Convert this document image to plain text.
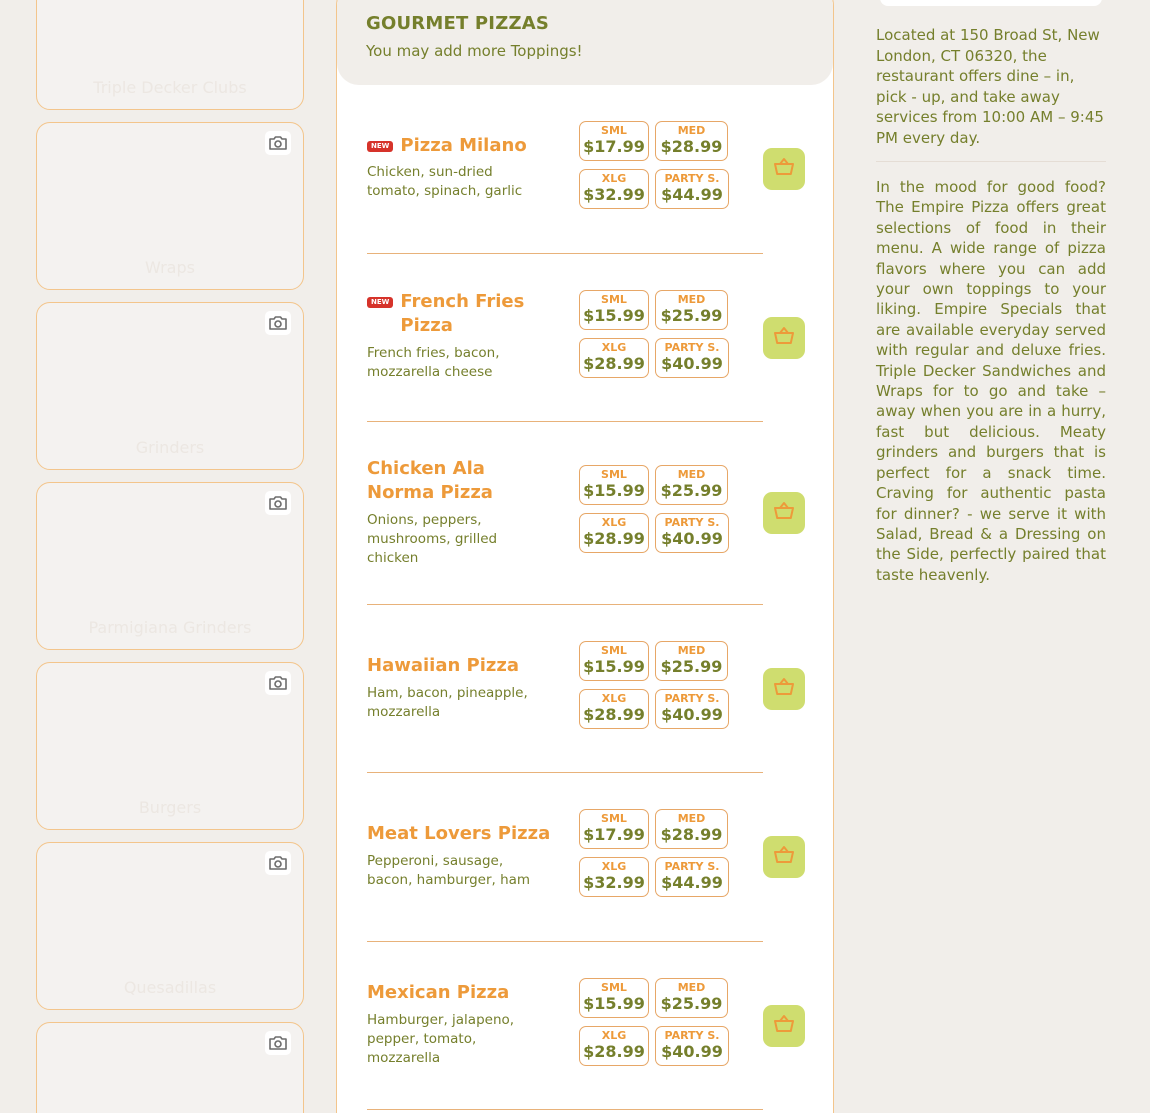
Triple Decker Clubs
Wraps
Grinders
Parmigiana Grinders
Burgers
Quesadillas
GOURMET PIZZAS
You may add more Toppings!
NEW Pizza Milano
Chicken, sun-dried tomato, spinach, garlic
SML
$17.99
MED
$28.99
XLG
$32.99
PARTY S.
$44.99
NEW French Fries Pizza
French fries, bacon, mozzarella cheese
SML
$15.99
MED
$25.99
XLG
$28.99
PARTY S.
$40.99
Chicken Ala Norma Pizza
Onions, peppers, mushrooms, grilled chicken
SML
$15.99
MED
$25.99
XLG
$28.99
PARTY S.
$40.99
Hawaiian Pizza
Ham, bacon, pineapple, mozzarella
SML
$15.99
MED
$25.99
XLG
$28.99
PARTY S.
$40.99
Meat Lovers Pizza
Pepperoni, sausage, bacon, hamburger, ham
SML
$17.99
MED
$28.99
XLG
$32.99
PARTY S.
$44.99
Mexican Pizza
Hamburger, jalapeno, pepper, tomato, mozzarella
SML
$15.99
MED
$25.99
XLG
$28.99
PARTY S.
$40.99
Located at 150 Broad St, New London, CT 06320, the restaurant offers dine – in, pick - up, and take away services from 10:00 AM – 9:45 PM every day.
In the mood for good food? The Empire Pizza offers great selections of food in their menu. A wide range of pizza flavors where you can add your own toppings to your liking. Empire Specials that are available everyday served with regular and deluxe fries. Triple Decker Sandwiches and Wraps for to go and take – away when you are in a hurry, fast but delicious. Meaty grinders and burgers that is perfect for a snack time. Craving for authentic pasta for dinner? - we serve it with Salad, Bread & a Dressing on the Side, perfectly paired that taste heavenly.
